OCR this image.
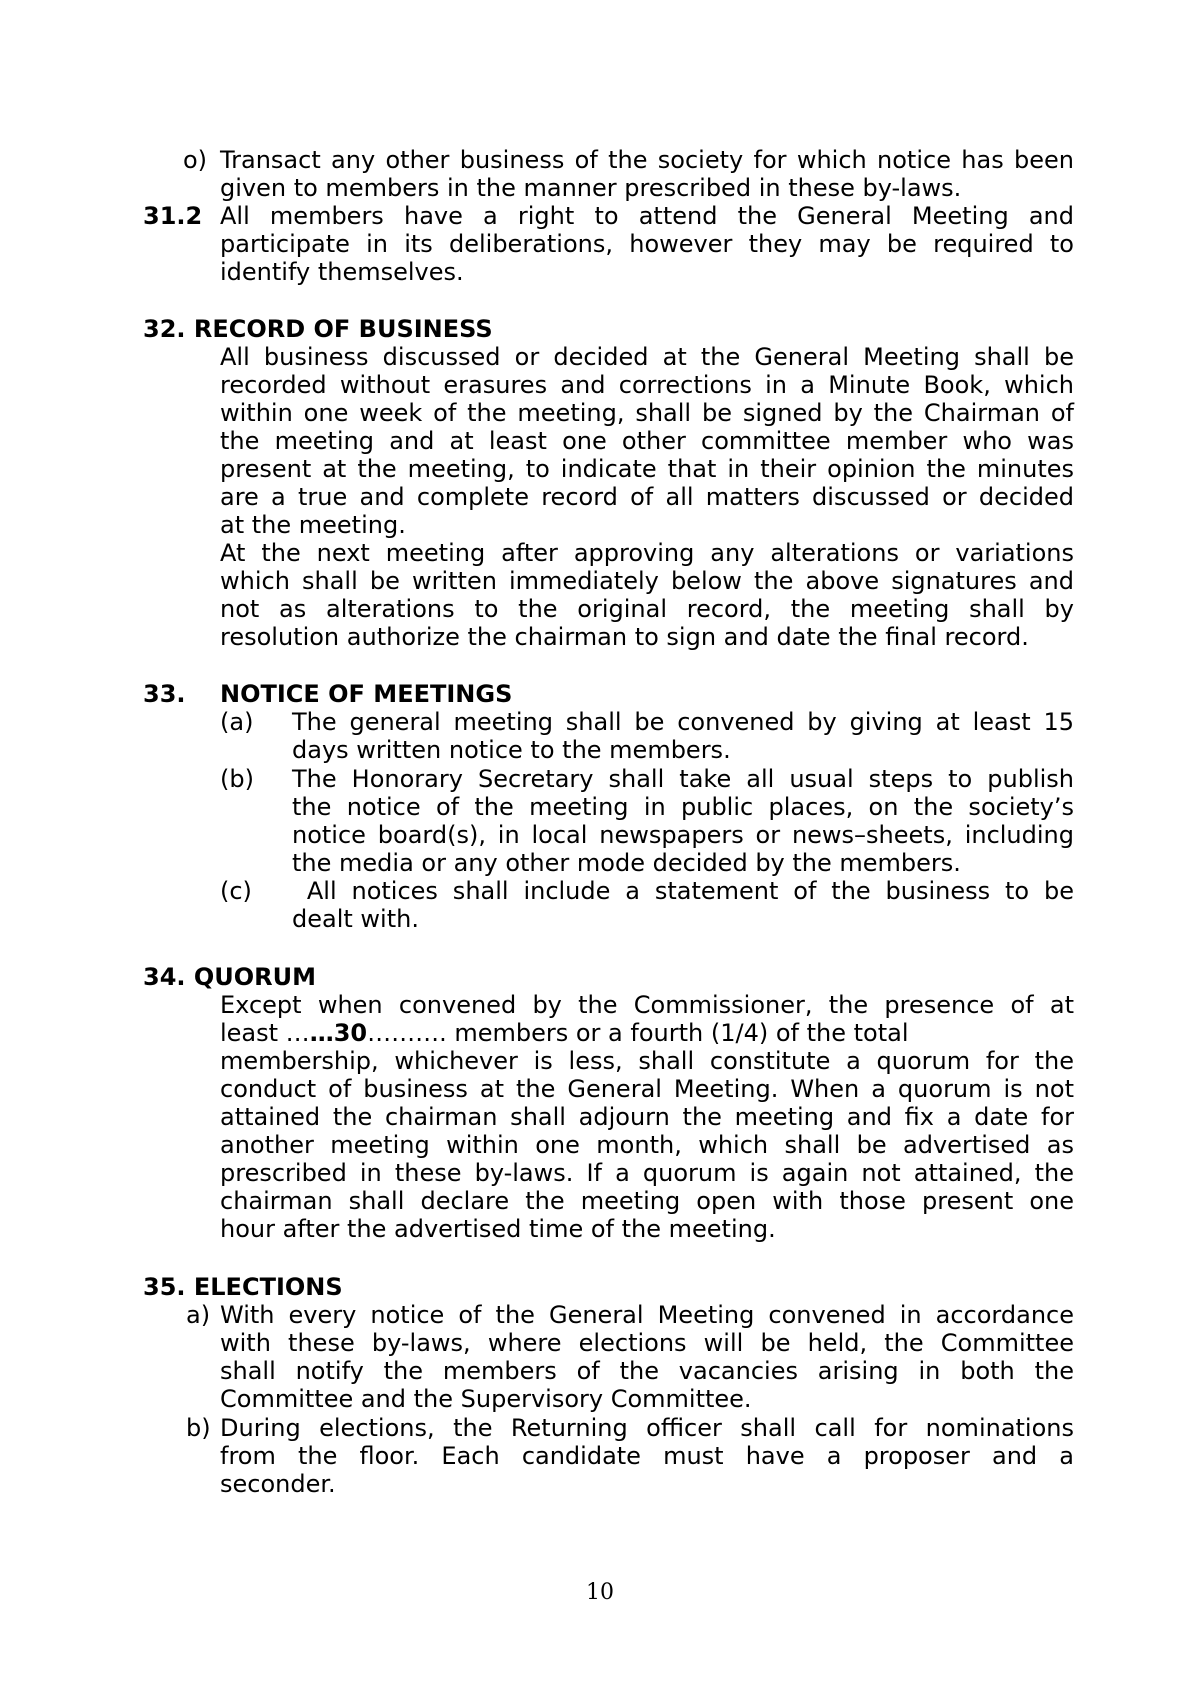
o) Transact any other business of the society for which notice has been
given to members in the manner prescribed in these by-laws.
31.2 All members have a right to attend the General Meeting and
participate in its deliberations, however they may be required to
identify themselves.
32. RECORD OF BUSINESS
All business discussed or decided at the General Meeting shall be
recorded without erasures and corrections in a Minute Book, which
within one week of the meeting, shall be signed by the Chairman of
the meeting and at least one other committee member who was
present at the meeting, to indicate that in their opinion the minutes
are a true and complete record of all matters discussed or decided
at the meeting.
At the next meeting after approving any alterations or variations
which shall be written immediately below the above signatures and
not as alterations to the original record, the meeting shall by
resolution authorize the chairman to sign and date the final record.
33. NOTICE OF MEETINGS
(a) The general meeting shall be convened by giving at least 15
days written notice to the members.
(b) The Honorary Secretary shall take all usual steps to publish
the notice of the meeting in public places, on the society’s
notice board(s), in local newspapers or news–sheets, including
the media or any other mode decided by the members.
(c) All notices shall include a statement of the business to be
dealt with.
34. QUORUM
Except when convened by the Commissioner, the presence of at
least ……30………. members or a fourth (1/4) of the total
membership, whichever is less, shall constitute a quorum for the
conduct of business at the General Meeting. When a quorum is not
attained the chairman shall adjourn the meeting and fix a date for
another meeting within one month, which shall be advertised as
prescribed in these by-laws. If a quorum is again not attained, the
chairman shall declare the meeting open with those present one
hour after the advertised time of the meeting.
35. ELECTIONS
a) With every notice of the General Meeting convened in accordance
with these by-laws, where elections will be held, the Committee
shall notify the members of the vacancies arising in both the
Committee and the Supervisory Committee.
b) During elections, the Returning officer shall call for nominations
from the floor. Each candidate must have a proposer and a
seconder.
10
